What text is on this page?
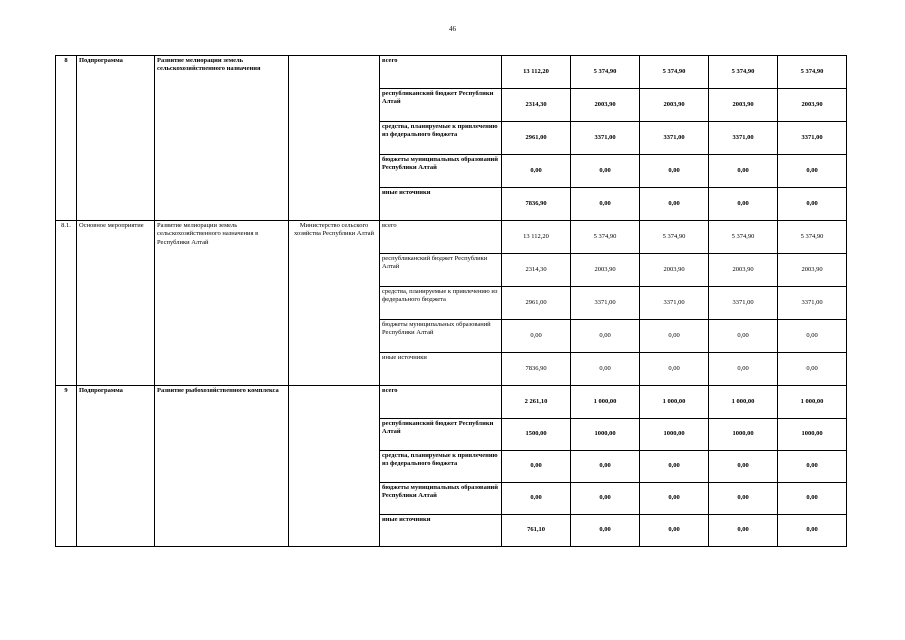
46
8	Подпрограмма	Развитие мелиорации земель сельскохозяйственного назначения		всего	13 112,20	5 374,90	5 374,90	5 374,90	5 374,90
				республиканский бюджет Республики Алтай	2314,30	2003,90	2003,90	2003,90	2003,90
				средства, планируемые к привлечению из федерального бюджета	2961,00	3371,00	3371,00	3371,00	3371,00
				бюджеты муниципальных образований Республики Алтай	0,00	0,00	0,00	0,00	0,00
				иные источники	7836,90	0,00	0,00	0,00	0,00
8.1.	Основное мероприятие	Развитие мелиорации земель сельскохозяйственного назначения в Республики Алтай	Министерство сельского хозяйства Республики Алтай	всего	13 112,20	5 374,90	5 374,90	5 374,90	5 374,90
				республиканский бюджет Республики Алтай	2314,30	2003,90	2003,90	2003,90	2003,90
				средства, планируемые к привлечению из федерального бюджета	2961,00	3371,00	3371,00	3371,00	3371,00
				бюджеты муниципальных образований Республики Алтай	0,00	0,00	0,00	0,00	0,00
				иные источники	7836,90	0,00	0,00	0,00	0,00
9	Подпрограмма	Развитие рыбохозяйственного комплекса		всего	2 261,10	1 000,00	1 000,00	1 000,00	1 000,00
				республиканский бюджет Республики Алтай	1500,00	1000,00	1000,00	1000,00	1000,00
				средства, планируемые к привлечению из федерального бюджета	0,00	0,00	0,00	0,00	0,00
				бюджеты муниципальных образований Республики Алтай	0,00	0,00	0,00	0,00	0,00
				иные источники	761,10	0,00	0,00	0,00	0,00
